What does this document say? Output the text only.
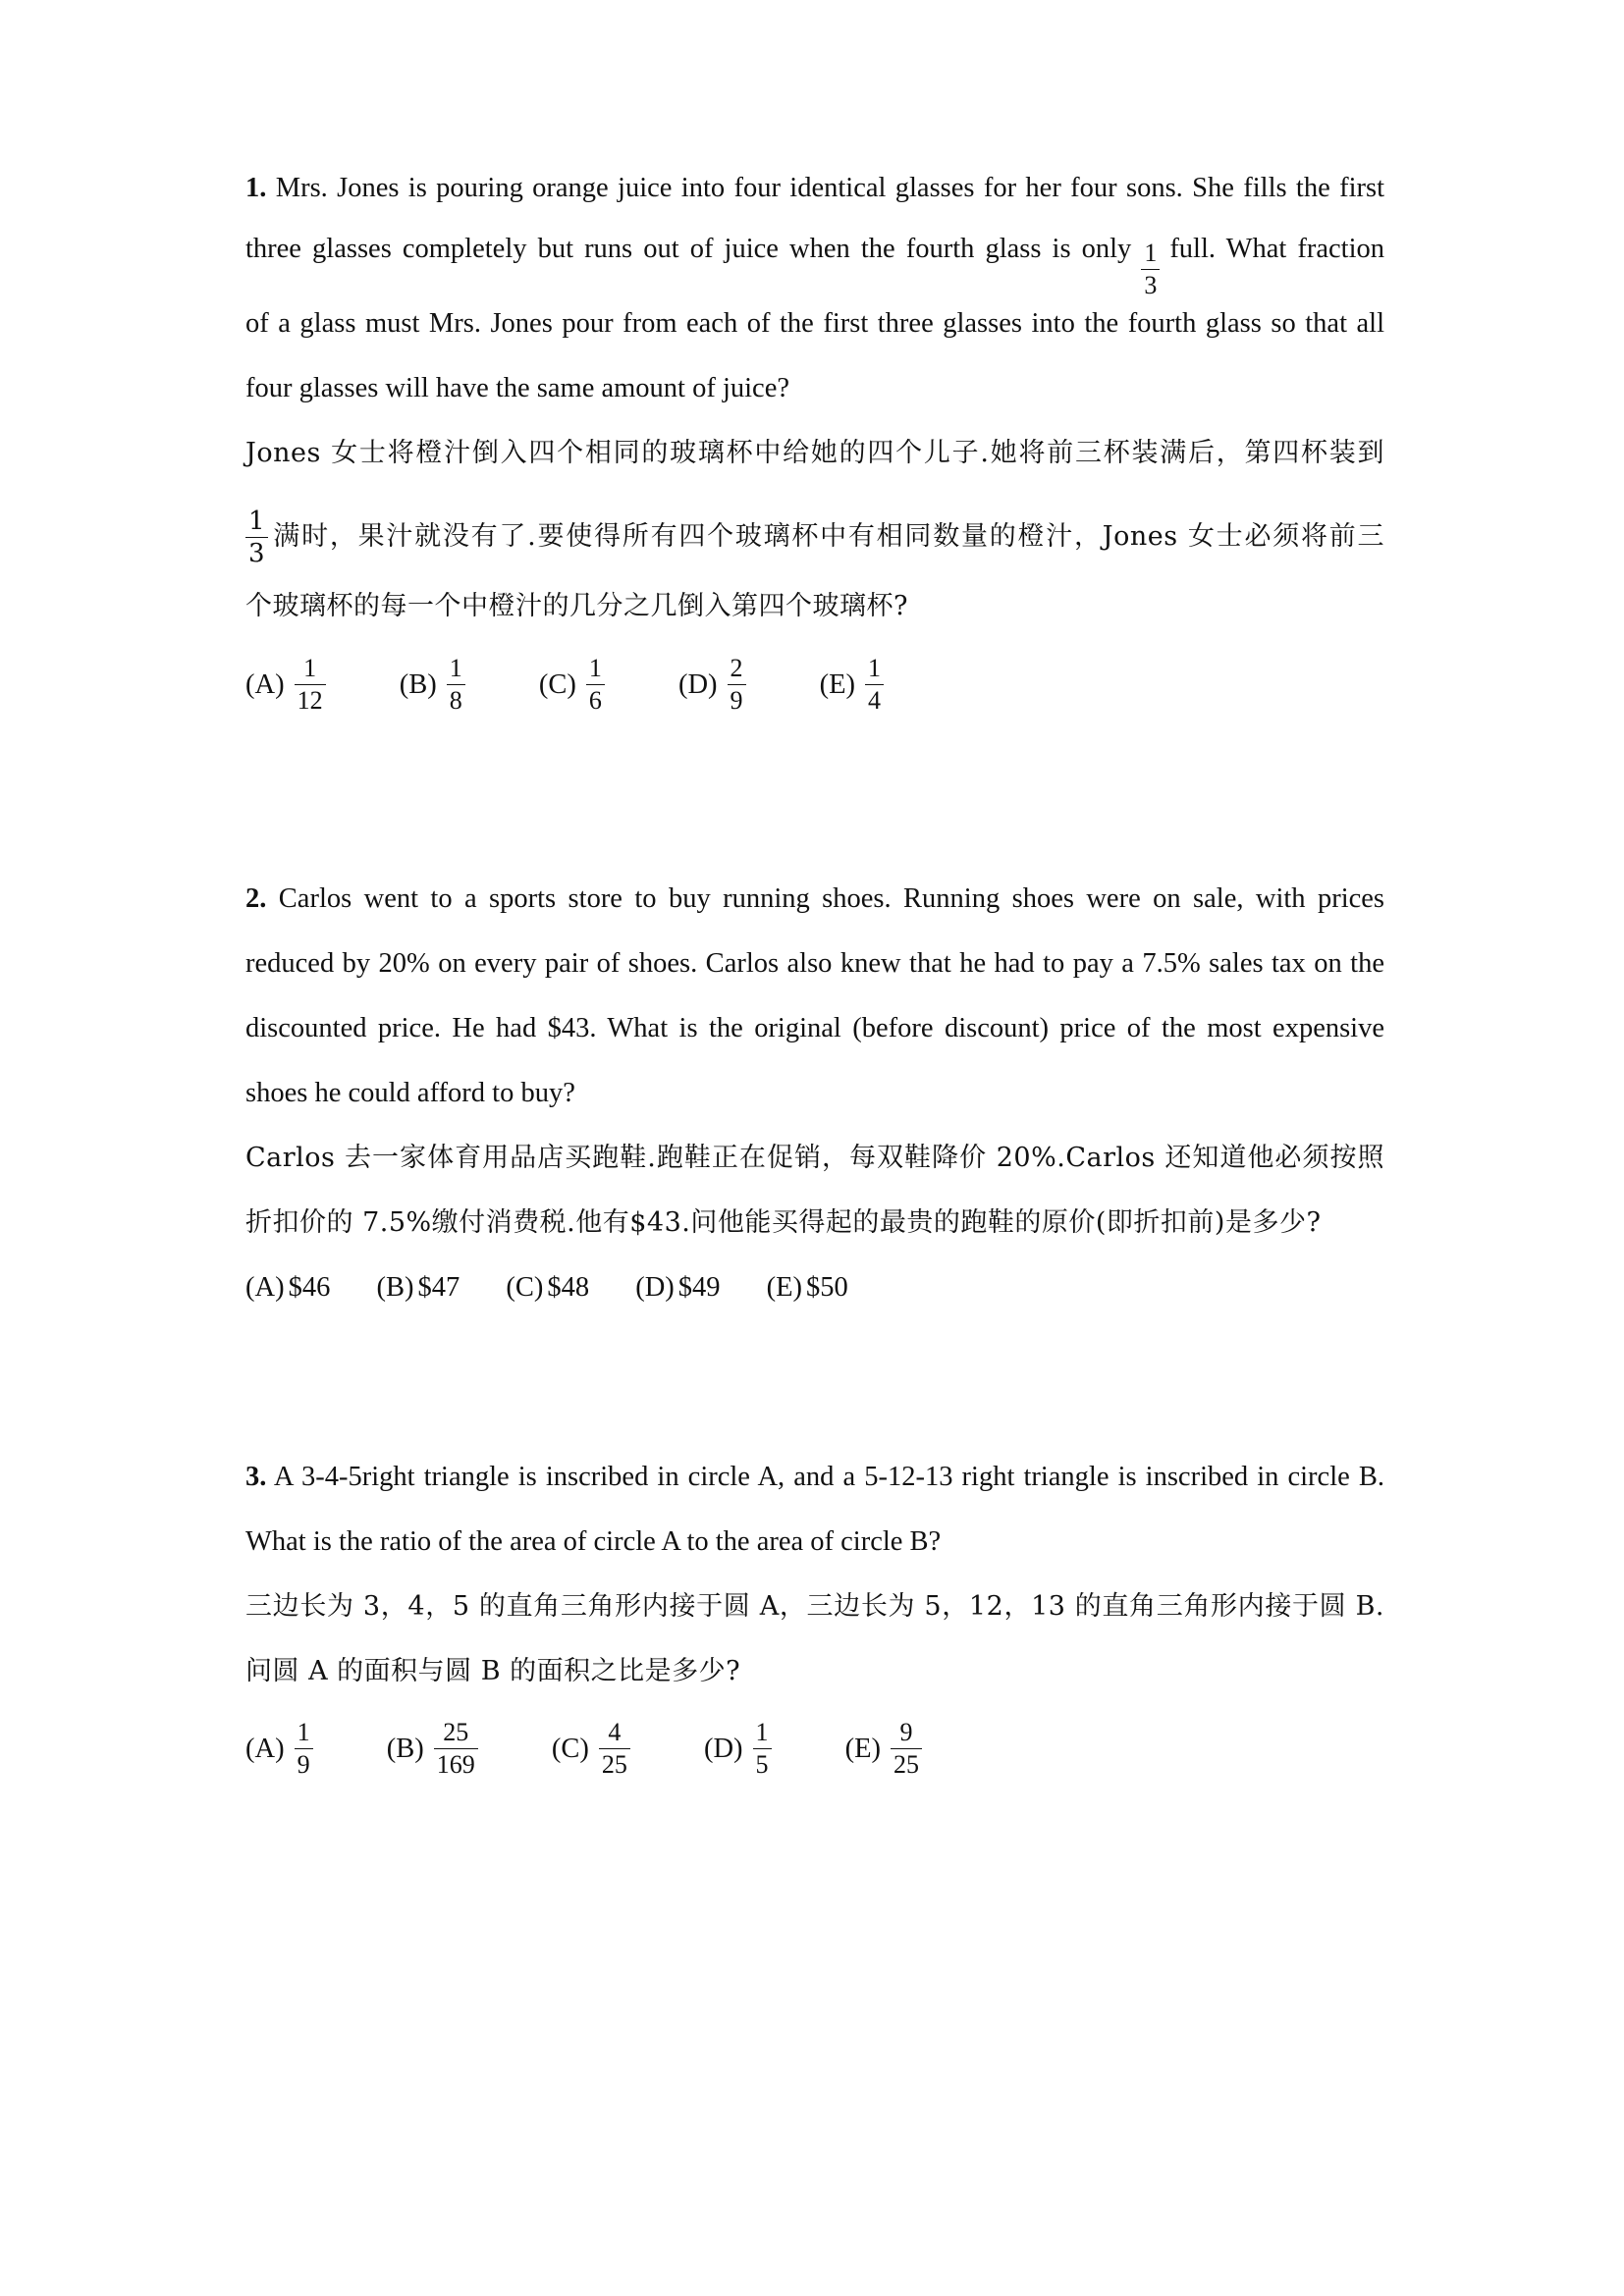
1. Mrs. Jones is pouring orange juice into four identical glasses for her four sons. She fills the first
three glasses completely but runs out of juice when the fourth glass is only $\frac{1}{3}$ full. What fraction
of a glass must Mrs. Jones pour from each of the first three glasses into the fourth glass so that all
four glasses will have the same amount of juice?
Jones 女士将橙汁倒入四个相同的玻璃杯中给她的四个儿子.她将前三杯装满后，第四杯装到
$\frac{1}{3}$ 满时，果汁就没有了.要使得所有四个玻璃杯中有相同数量的橙汁，Jones 女士必须将前三
个玻璃杯的每一个中橙汁的几分之几倒入第四个玻璃杯?
$(A) \frac{1}{12}$
	$(B) \frac{1}{8}$
	$(C) \frac{1}{6}$
	$(D) \frac{2}{9}$
	$(E) \frac{1}{4}$
2. Carlos went to a sports store to buy running shoes. Running shoes were on sale, with prices
reduced by 20% on every pair of shoes. Carlos also knew that he had to pay a 7.5% sales tax on the
discounted price. He had $43. What is the original (before discount) price of the most expensive
shoes he could afford to buy?
Carlos 去一家体育用品店买跑鞋.跑鞋正在促销，每双鞋降价 20%.Carlos 还知道他必须按照
折扣价的 7.5%缴付消费税.他有$43.问他能买得起的最贵的跑鞋的原价(即折扣前)是多少?
(A) $46
(B) $47
(C) $48
(D) $49
(E) $50
3. A 3-4-5right triangle is inscribed in circle A, and a 5-12-13 right triangle is inscribed in circle B.
What is the ratio of the area of circle A to the area of circle B?
三边长为 3，4，5 的直角三角形内接于圆 A，三边长为 5，12，13 的直角三角形内接于圆 B.
问圆 A 的面积与圆 B 的面积之比是多少?
$(A) \frac{1}{9}$
	$(B) \frac{25}{169}$
	$(C) \frac{4}{25}$
	$(D) \frac{1}{5}$
	$(E) \frac{9}{25}$
